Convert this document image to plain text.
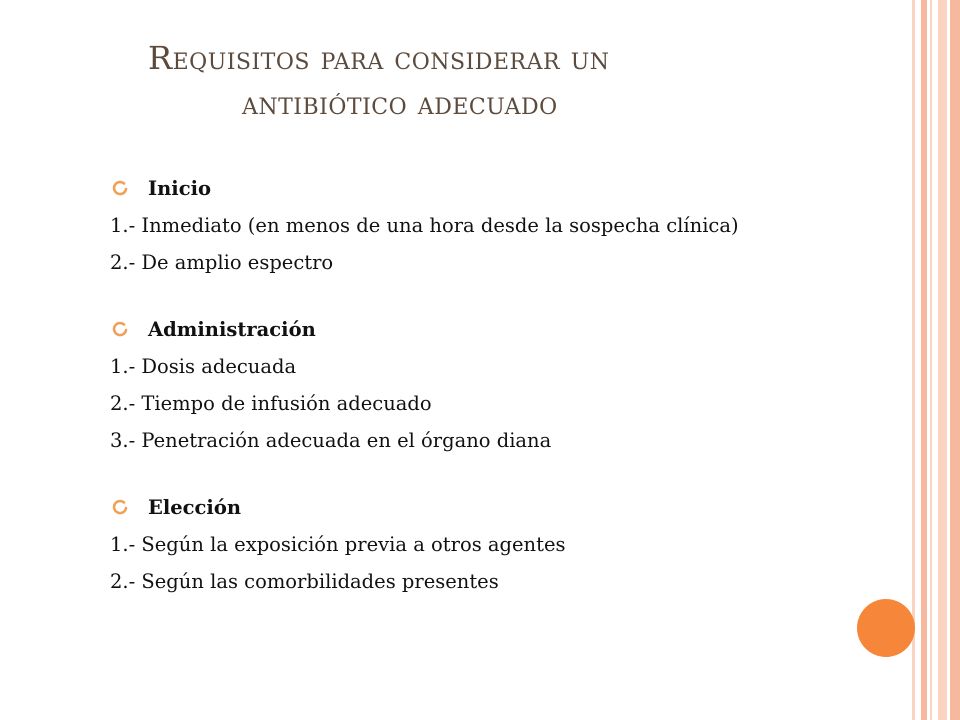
Requisitos para considerar un
antibiótico adecuado
Inicio
1.- Inmediato (en menos de una hora desde la sospecha clínica)
2.- De amplio espectro
Administración
1.- Dosis adecuada
2.- Tiempo de infusión adecuado
3.- Penetración adecuada en el órgano diana
Elección
1.- Según la exposición previa a otros agentes
2.- Según las comorbilidades presentes
